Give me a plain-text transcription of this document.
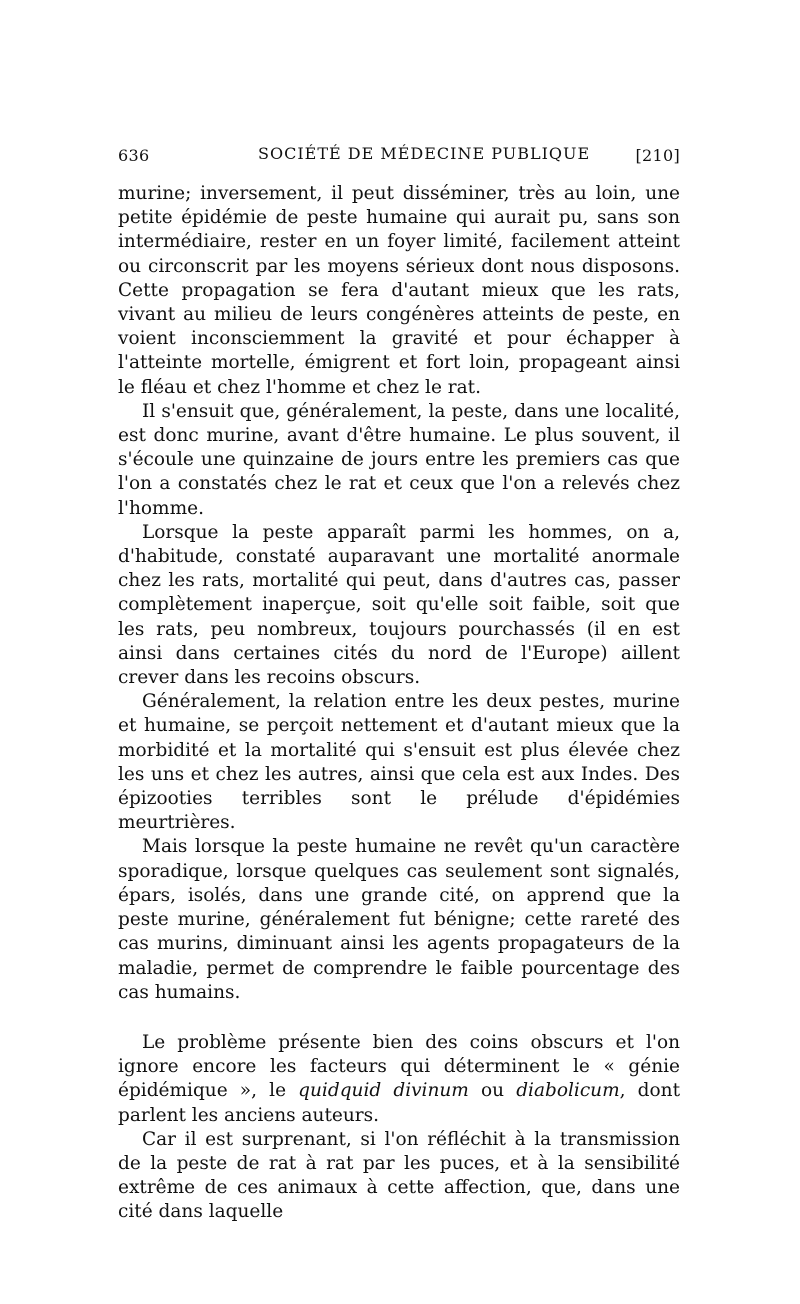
636	SOCIÉTÉ DE MÉDECINE PUBLIQUE	[210]

murine; inversement, il peut disséminer, très au loin, une petite épidémie de peste humaine qui aurait pu, sans son intermédiaire, rester en un foyer limité, facilement atteint ou circonscrit par les moyens sérieux dont nous disposons. Cette propagation se fera d'autant mieux que les rats, vivant au milieu de leurs congénères atteints de peste, en voient inconsciemment la gravité et pour échapper à l'atteinte mortelle, émigrent et fort loin, propageant ainsi le fléau et chez l'homme et chez le rat.

Il s'ensuit que, généralement, la peste, dans une localité, est donc murine, avant d'être humaine. Le plus souvent, il s'écoule une quinzaine de jours entre les premiers cas que l'on a constatés chez le rat et ceux que l'on a relevés chez l'homme.

Lorsque la peste apparaît parmi les hommes, on a, d'habitude, constaté auparavant une mortalité anormale chez les rats, mortalité qui peut, dans d'autres cas, passer complètement inaperçue, soit qu'elle soit faible, soit que les rats, peu nombreux, toujours pourchassés (il en est ainsi dans certaines cités du nord de l'Europe) aillent crever dans les recoins obscurs.

Généralement, la relation entre les deux pestes, murine et humaine, se perçoit nettement et d'autant mieux que la morbidité et la mortalité qui s'ensuit est plus élevée chez les uns et chez les autres, ainsi que cela est aux Indes. Des épizooties terribles sont le prélude d'épidémies meurtrières.

Mais lorsque la peste humaine ne revêt qu'un caractère sporadique, lorsque quelques cas seulement sont signalés, épars, isolés, dans une grande cité, on apprend que la peste murine, généralement fut bénigne; cette rareté des cas murins, diminuant ainsi les agents propagateurs de la maladie, permet de comprendre le faible pourcentage des cas humains.

Le problème présente bien des coins obscurs et l'on ignore encore les facteurs qui déterminent le « génie épidémique », le quidquid divinum ou diabolicum, dont parlent les anciens auteurs.

Car il est surprenant, si l'on réfléchit à la transmission de la peste de rat à rat par les puces, et à la sensibilité extrême de ces animaux à cette affection, que, dans une cité dans laquelle
